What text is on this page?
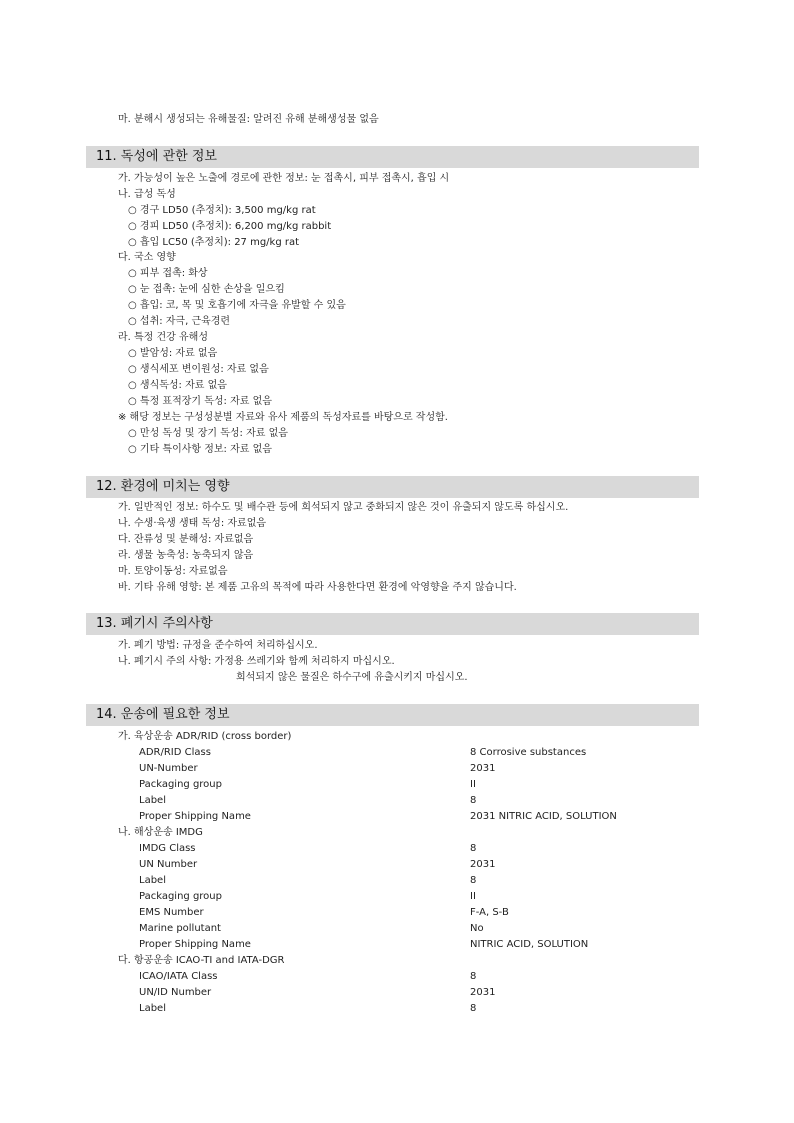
마. 분해시 생성되는 유해물질: 알려진 유해 분해생성물 없음
11. 독성에 관한 정보
가. 가능성이 높은 노출에 경로에 관한 정보: 눈 접촉시, 피부 접촉시, 흡입 시
나. 급성 독성
○ 경구 LD50 (추정치): 3,500 mg/kg rat
○ 경피 LD50 (추정치): 6,200 mg/kg rabbit
○ 흡입 LC50 (추정치): 27 mg/kg rat
다. 국소 영향
○ 피부 접촉: 화상
○ 눈 접촉: 눈에 심한 손상을 일으킴
○ 흡입: 코, 목 및 호흡기에 자극을 유발할 수 있음
○ 섭취: 자극, 근육경련
라. 특정 건강 유해성
○ 발암성: 자료 없음
○ 생식세포 변이원성: 자료 없음
○ 생식독성: 자료 없음
○ 특정 표적장기 독성: 자료 없음
※ 해당 정보는 구성성분별 자료와 유사 제품의 독성자료를 바탕으로 작성함.
○ 만성 독성 및 장기 독성: 자료 없음
○ 기타 특이사항 정보: 자료 없음
12. 환경에 미치는 영향
가. 일반적인 정보: 하수도 및 배수관 등에 희석되지 않고 중화되지 않은 것이 유출되지 않도록 하십시오.
나. 수생·육생 생태 독성: 자료없음
다. 잔류성 및 분해성: 자료없음
라. 생물 농축성: 농축되지 않음
마. 토양이동성: 자료없음
바. 기타 유해 영향: 본 제품 고유의 목적에 따라 사용한다면 환경에 악영향을 주지 않습니다.
13. 폐기시 주의사항
가. 폐기 방법: 규정을 준수하여 처리하십시오.
나. 폐기시 주의 사항: 가정용 쓰레기와 함께 처리하지 마십시오.
희석되지 않은 물질은 하수구에 유출시키지 마십시오.
14. 운송에 필요한 정보
가. 육상운송 ADR/RID (cross border)
ADR/RID Class	8 Corrosive substances
UN-Number	2031
Packaging group	II
Label	8
Proper Shipping Name	2031 NITRIC ACID, SOLUTION
나. 해상운송 IMDG
IMDG Class	8
UN Number	2031
Label	8
Packaging group	II
EMS Number	F-A, S-B
Marine pollutant	No
Proper Shipping Name	NITRIC ACID, SOLUTION
다. 항공운송 ICAO-TI and IATA-DGR
ICAO/IATA Class	8
UN/ID Number	2031
Label	8
